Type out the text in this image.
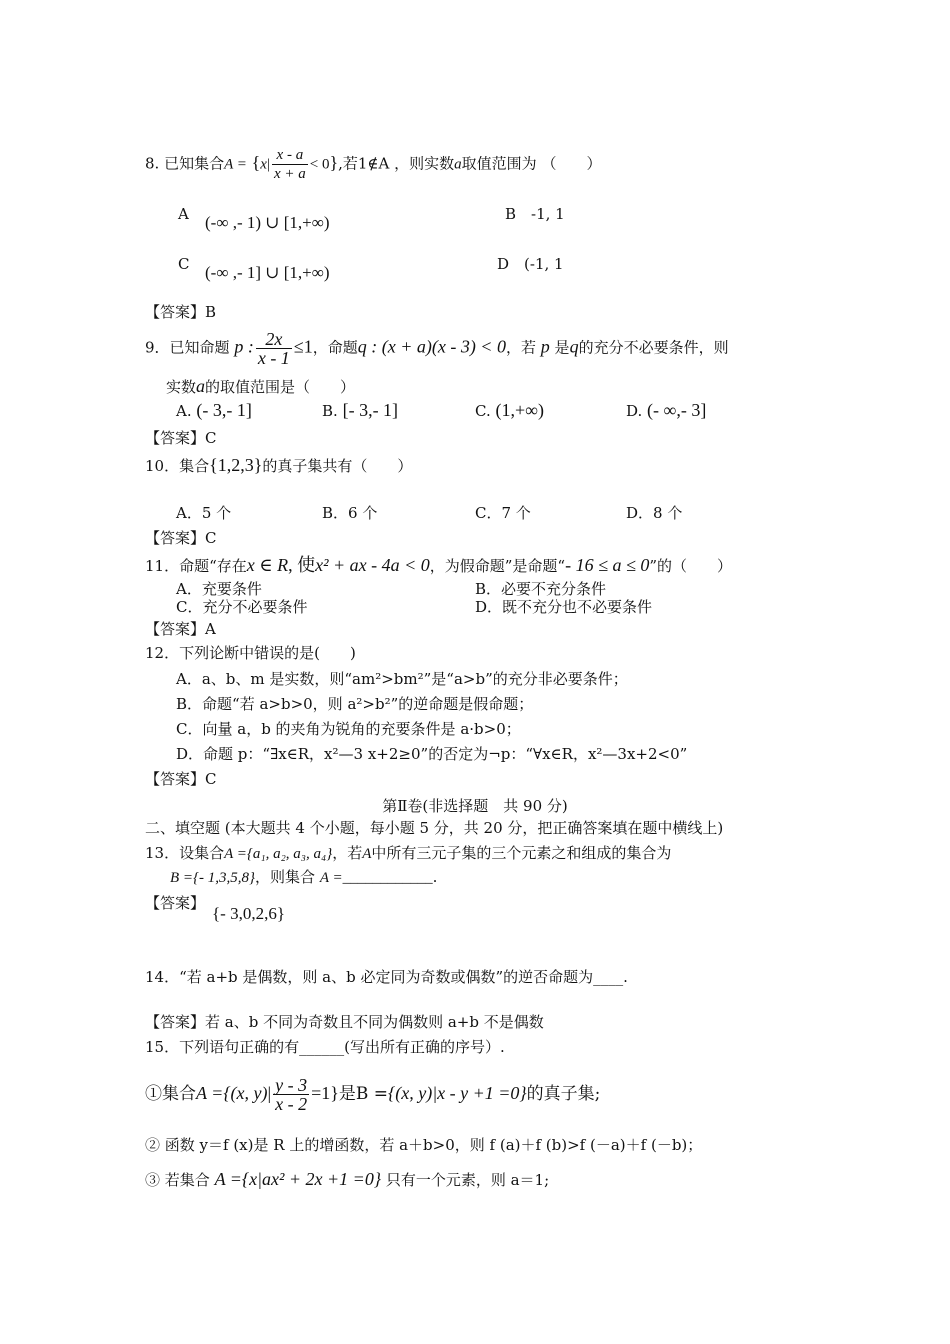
8. 已知集合$A = \{x| \frac{x - a}{x + a} < 0\}$,若1∉A ，则实数a取值范围为 （　　）
A (-∞ ,- 1) ∪ [1,+∞)	B　-1, 1
C (-∞ ,- 1] ∪ [1,+∞)	D　(-1, 1
【答案】B
9．已知命题 p : $\frac{2x}{x - 1} \le 1$，命题q : (x + a)(x - 3) < 0，若 p 是q的充分不必要条件，则
实数a的取值范围是（　　）
A. (- 3,- 1]	B. [- 3,- 1]	C. (1,+∞)	D. (- ∞,- 3]
【答案】C
10．集合{1,2,3}的真子集共有（　　）
A．5 个	B．6 个	C．7 个	D．8 个
【答案】C
11．命题“存在x ∈ R, 使x² + ax - 4a < 0，为假命题”是命题“- 16 ≤ a ≤ 0”的（　　）
A．充要条件	B．必要不充分条件
C．充分不必要条件	D．既不充分也不必要条件
【答案】A
12．下列论断中错误的是(　　)
A．a、b、m 是实数，则“am²>bm²”是“a>b”的充分非必要条件；
B．命题“若 a>b>0，则 a²>b²”的逆命题是假命题；
C．向量 a，b 的夹角为锐角的充要条件是 a·b>0；
D．命题 p：“∃x∈R，x²—3 x+2≥0”的否定为¬p：“∀x∈R，x²—3x+2<0”
【答案】C
第Ⅱ卷(非选择题　共 90 分)
二、填空题 (本大题共 4 个小题，每小题 5 分，共 20 分，把正确答案填在题中横线上)
13．设集合A ={a₁, a₂, a₃, a₄}，若A中所有三元子集的三个元素之和组成的集合为
B ={- 1,3,5,8}，则集合 A =____________.
【答案】
{- 3,0,2,6}
14．“若 a+b 是偶数，则 a、b 必定同为奇数或偶数”的逆否命题为____.
【答案】若 a、b 不同为奇数且不同为偶数则 a+b 不是偶数
15．下列语句正确的有______(写出所有正确的序号）.
①集合A ={(x, $y)| \frac{y - 3}{x - 2} =1$}是B ={(x, y)|x - y +1 =0}的真子集;
② 函数 y＝f (x)是 R 上的增函数，若 a＋b>0，则 f (a)＋f (b)>f (－a)＋f (－b)；
③ 若集合 A ={x|ax² + 2x +1 =0} 只有一个元素，则 a＝1;
